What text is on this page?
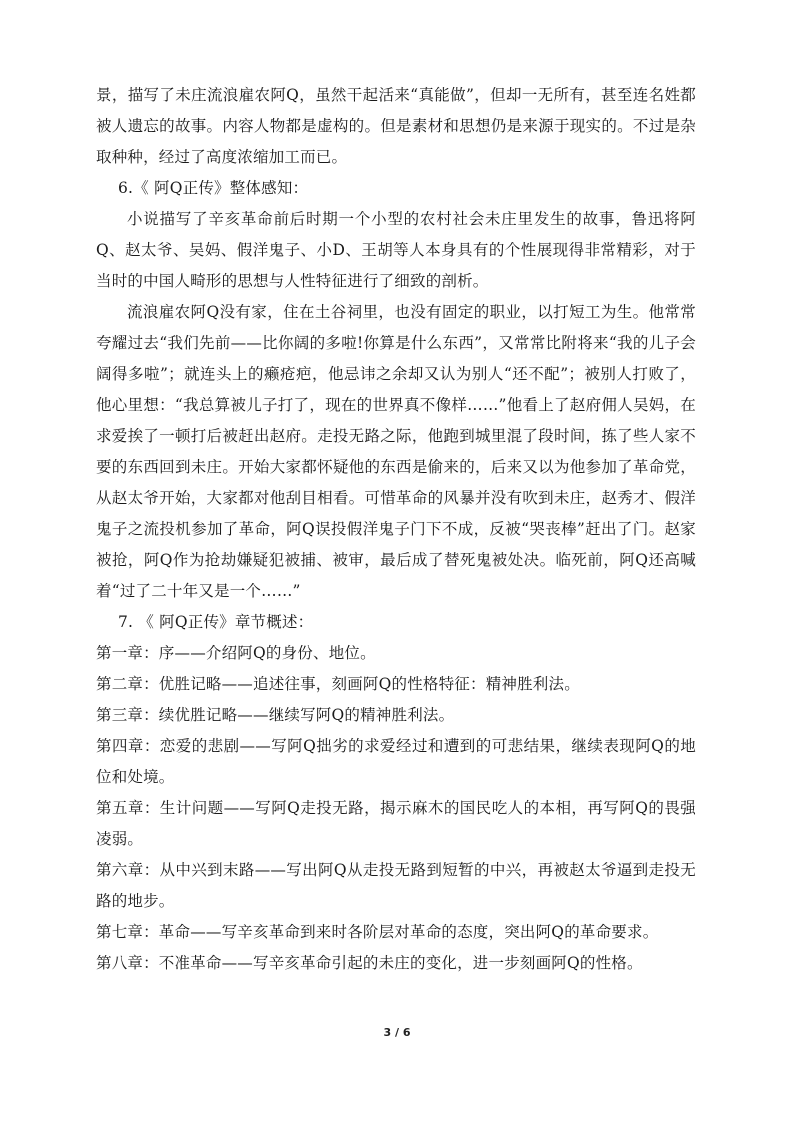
景，描写了未庄流浪雇农阿Q，虽然干起活来“真能做”，但却一无所有，甚至连名姓都被人遗忘的故事。内容人物都是虚构的。但是素材和思想仍是来源于现实的。不过是杂取种种，经过了高度浓缩加工而已。

6.《 阿Q正传》整体感知：

小说描写了辛亥革命前后时期一个小型的农村社会未庄里发生的故事，鲁迅将阿Q、赵太爷、吴妈、假洋鬼子、小D、王胡等人本身具有的个性展现得非常精彩，对于当时的中国人畸形的思想与人性特征进行了细致的剖析。

流浪雇农阿Q没有家，住在土谷祠里，也没有固定的职业，以打短工为生。他常常夸耀过去“我们先前——比你阔的多啦!你算是什么东西”，又常常比附将来“我的儿子会阔得多啦”；就连头上的癞疮疤，他忌讳之余却又认为别人“还不配”；被别人打败了，他心里想：“我总算被儿子打了，现在的世界真不像样……”他看上了赵府佣人吴妈，在求爱挨了一顿打后被赶出赵府。走投无路之际，他跑到城里混了段时间，拣了些人家不要的东西回到未庄。开始大家都怀疑他的东西是偷来的，后来又以为他参加了革命党，从赵太爷开始，大家都对他刮目相看。可惜革命的风暴并没有吹到未庄，赵秀才、假洋鬼子之流投机参加了革命，阿Q误投假洋鬼子门下不成，反被“哭丧棒”赶出了门。赵家被抢，阿Q作为抢劫嫌疑犯被捕、被审，最后成了替死鬼被处决。临死前，阿Q还高喊着“过了二十年又是一个……”

7. 《 阿Q正传》章节概述：

第一章：序——介绍阿Q的身份、地位。

第二章：优胜记略——追述往事，刻画阿Q的性格特征：精神胜利法。

第三章：续优胜记略——继续写阿Q的精神胜利法。

第四章：恋爱的悲剧——写阿Q拙劣的求爱经过和遭到的可悲结果，继续表现阿Q的地位和处境。

第五章：生计问题——写阿Q走投无路，揭示麻木的国民吃人的本相，再写阿Q的畏强凌弱。

第六章：从中兴到末路——写出阿Q从走投无路到短暂的中兴，再被赵太爷逼到走投无路的地步。

第七章：革命——写辛亥革命到来时各阶层对革命的态度，突出阿Q的革命要求。

第八章：不准革命——写辛亥革命引起的未庄的变化，进一步刻画阿Q的性格。

3 / 6
